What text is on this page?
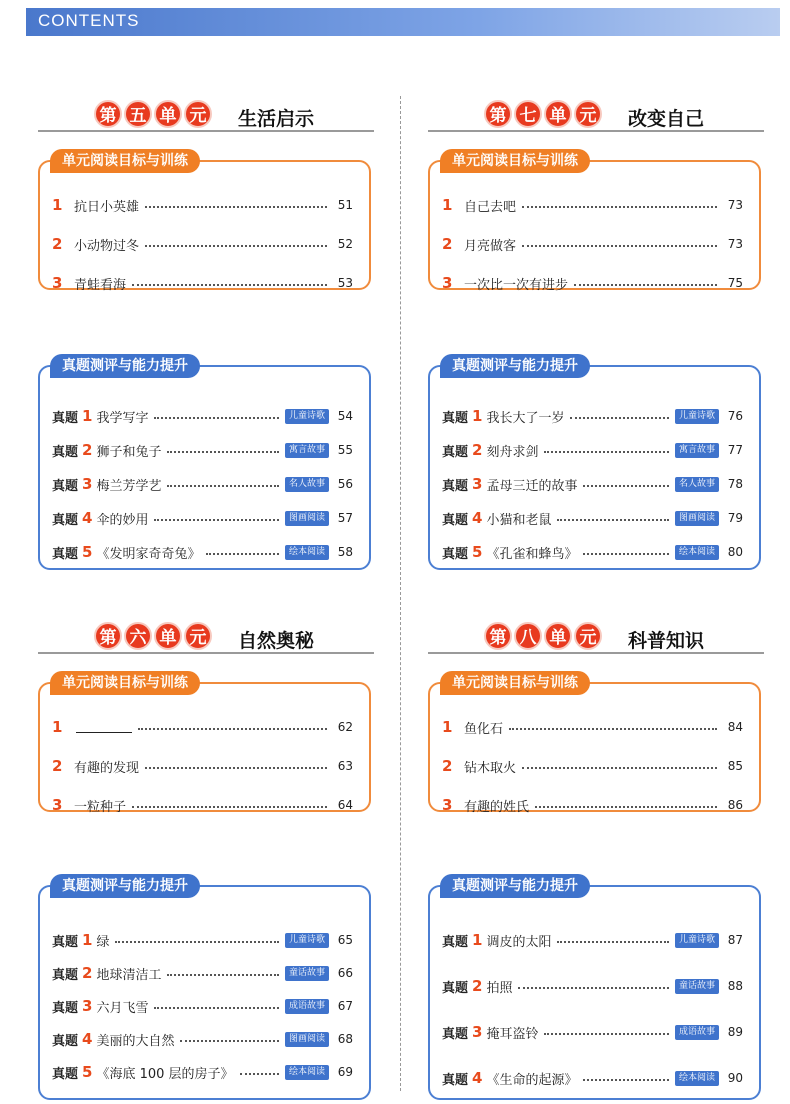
CONTENTS
第 五 单 元 生活启示
单元阅读目标与训练
1 抗日小英雄	51
2 小动物过冬	52
3 青蛙看海	53
真题测评与能力提升
真题 1 我学写字	儿童诗歌	54
真题 2 狮子和兔子	寓言故事	55
真题 3 梅兰芳学艺	名人故事	56
真题 4 伞的妙用	图画阅读	57
真题 5 《发明家奇奇兔》	绘本阅读	58
第 七 单 元 改变自己
单元阅读目标与训练
1 自己去吧	73
2 月亮做客	73
3 一次比一次有进步	75
真题测评与能力提升
真题 1 我长大了一岁	儿童诗歌	76
真题 2 刻舟求剑	寓言故事	77
真题 3 孟母三迁的故事	名人故事	78
真题 4 小猫和老鼠	图画阅读	79
真题 5 《孔雀和蜂鸟》	绘本阅读	80
第 六 单 元 自然奥秘
单元阅读目标与训练
1	62
2 有趣的发现	63
3 一粒种子	64
真题测评与能力提升
真题 1 绿	儿童诗歌	65
真题 2 地球清洁工	童话故事	66
真题 3 六月飞雪	成语故事	67
真题 4 美丽的大自然	图画阅读	68
真题 5 《海底 100 层的房子》	绘本阅读	69
第 八 单 元 科普知识
单元阅读目标与训练
1 鱼化石	84
2 钻木取火	85
3 有趣的姓氏	86
真题测评与能力提升
真题 1 调皮的太阳	儿童诗歌	87
真题 2 拍照	童话故事	88
真题 3 掩耳盗铃	成语故事	89
真题 4 《生命的起源》	绘本阅读	90
